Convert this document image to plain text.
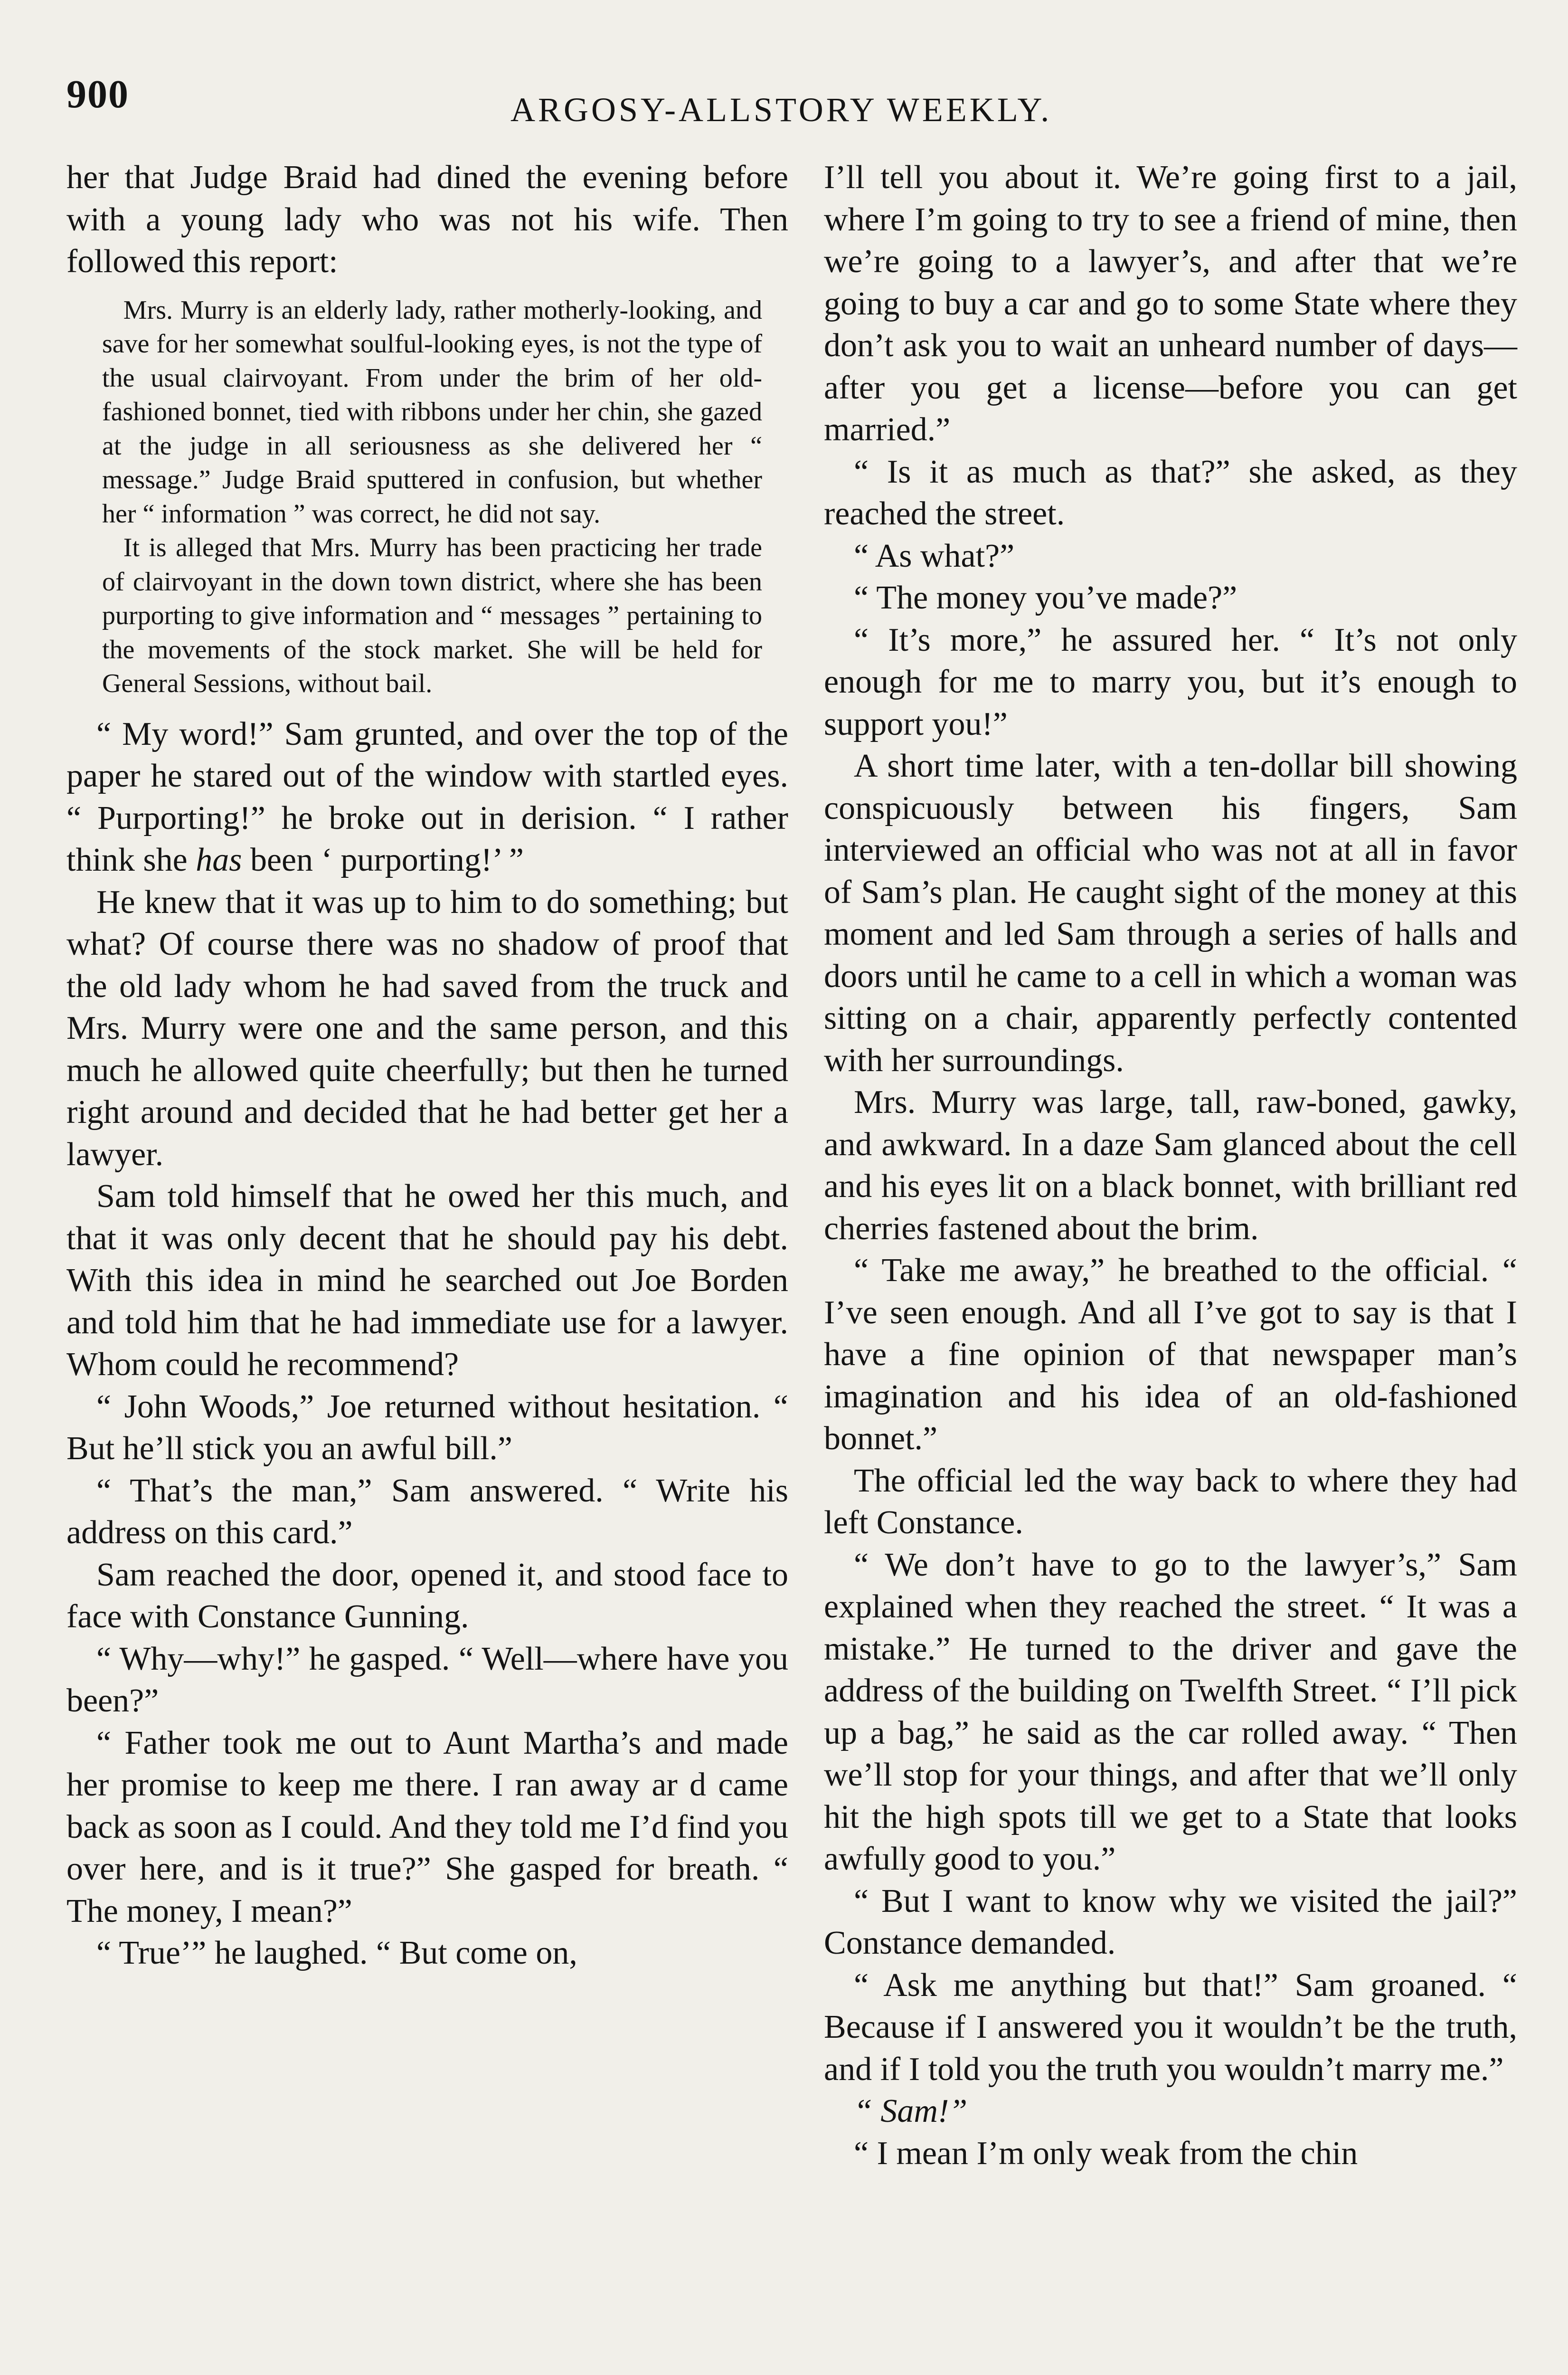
900	ARGOSY-ALLSTORY WEEKLY.

her that Judge Braid had dined the evening before with a young lady who was not his wife. Then followed this report:

Mrs. Murry is an elderly lady, rather motherly-looking, and save for her somewhat soulful-looking eyes, is not the type of the usual clairvoyant. From under the brim of her old-fashioned bonnet, tied with ribbons under her chin, she gazed at the judge in all seriousness as she delivered her “ message.” Judge Braid sputtered in confusion, but whether her “ information ” was correct, he did not say.

It is alleged that Mrs. Murry has been practicing her trade of clairvoyant in the down town district, where she has been purporting to give information and “ messages ” pertaining to the movements of the stock market. She will be held for General Sessions, without bail.

“ My word!” Sam grunted, and over the top of the paper he stared out of the window with startled eyes. “ Purporting!” he broke out in derision. “ I rather think she has been ‘ purporting!’ ”

He knew that it was up to him to do something; but what? Of course there was no shadow of proof that the old lady whom he had saved from the truck and Mrs. Murry were one and the same person, and this much he allowed quite cheerfully; but then he turned right around and decided that he had better get her a lawyer.

Sam told himself that he owed her this much, and that it was only decent that he should pay his debt. With this idea in mind he searched out Joe Borden and told him that he had immediate use for a lawyer. Whom could he recommend?

“ John Woods,” Joe returned without hesitation. “ But he’ll stick you an awful bill.”

“ That’s the man,” Sam answered. “ Write his address on this card.”

Sam reached the door, opened it, and stood face to face with Constance Gunning.

“ Why—why!” he gasped. “ Well—where have you been?”

“ Father took me out to Aunt Martha’s and made her promise to keep me there. I ran away ar d came back as soon as I could. And they told me I’d find you over here, and is it true?” She gasped for breath. “ The money, I mean?”

“ True’” he laughed. “ But come on,

I’ll tell you about it. We’re going first to a jail, where I’m going to try to see a friend of mine, then we’re going to a lawyer’s, and after that we’re going to buy a car and go to some State where they don’t ask you to wait an unheard number of days—after you get a license—before you can get married.”

“ Is it as much as that?” she asked, as they reached the street.

“ As what?”

“ The money you’ve made?”

“ It’s more,” he assured her. “ It’s not only enough for me to marry you, but it’s enough to support you!”

A short time later, with a ten-dollar bill showing conspicuously between his fingers, Sam interviewed an official who was not at all in favor of Sam’s plan. He caught sight of the money at this moment and led Sam through a series of halls and doors until he came to a cell in which a woman was sitting on a chair, apparently perfectly contented with her surroundings.

Mrs. Murry was large, tall, raw-boned, gawky, and awkward. In a daze Sam glanced about the cell and his eyes lit on a black bonnet, with brilliant red cherries fastened about the brim.

“ Take me away,” he breathed to the official. “ I’ve seen enough. And all I’ve got to say is that I have a fine opinion of that newspaper man’s imagination and his idea of an old-fashioned bonnet.”

The official led the way back to where they had left Constance.

“ We don’t have to go to the lawyer’s,” Sam explained when they reached the street. “ It was a mistake.” He turned to the driver and gave the address of the building on Twelfth Street. “ I’ll pick up a bag,” he said as the car rolled away. “ Then we’ll stop for your things, and after that we’ll only hit the high spots till we get to a State that looks awfully good to you.”

“ But I want to know why we visited the jail?” Constance demanded.

“ Ask me anything but that!” Sam groaned. “ Because if I answered you it wouldn’t be the truth, and if I told you the truth you wouldn’t marry me.”

“ Sam!”

“ I mean I’m only weak from the chin
